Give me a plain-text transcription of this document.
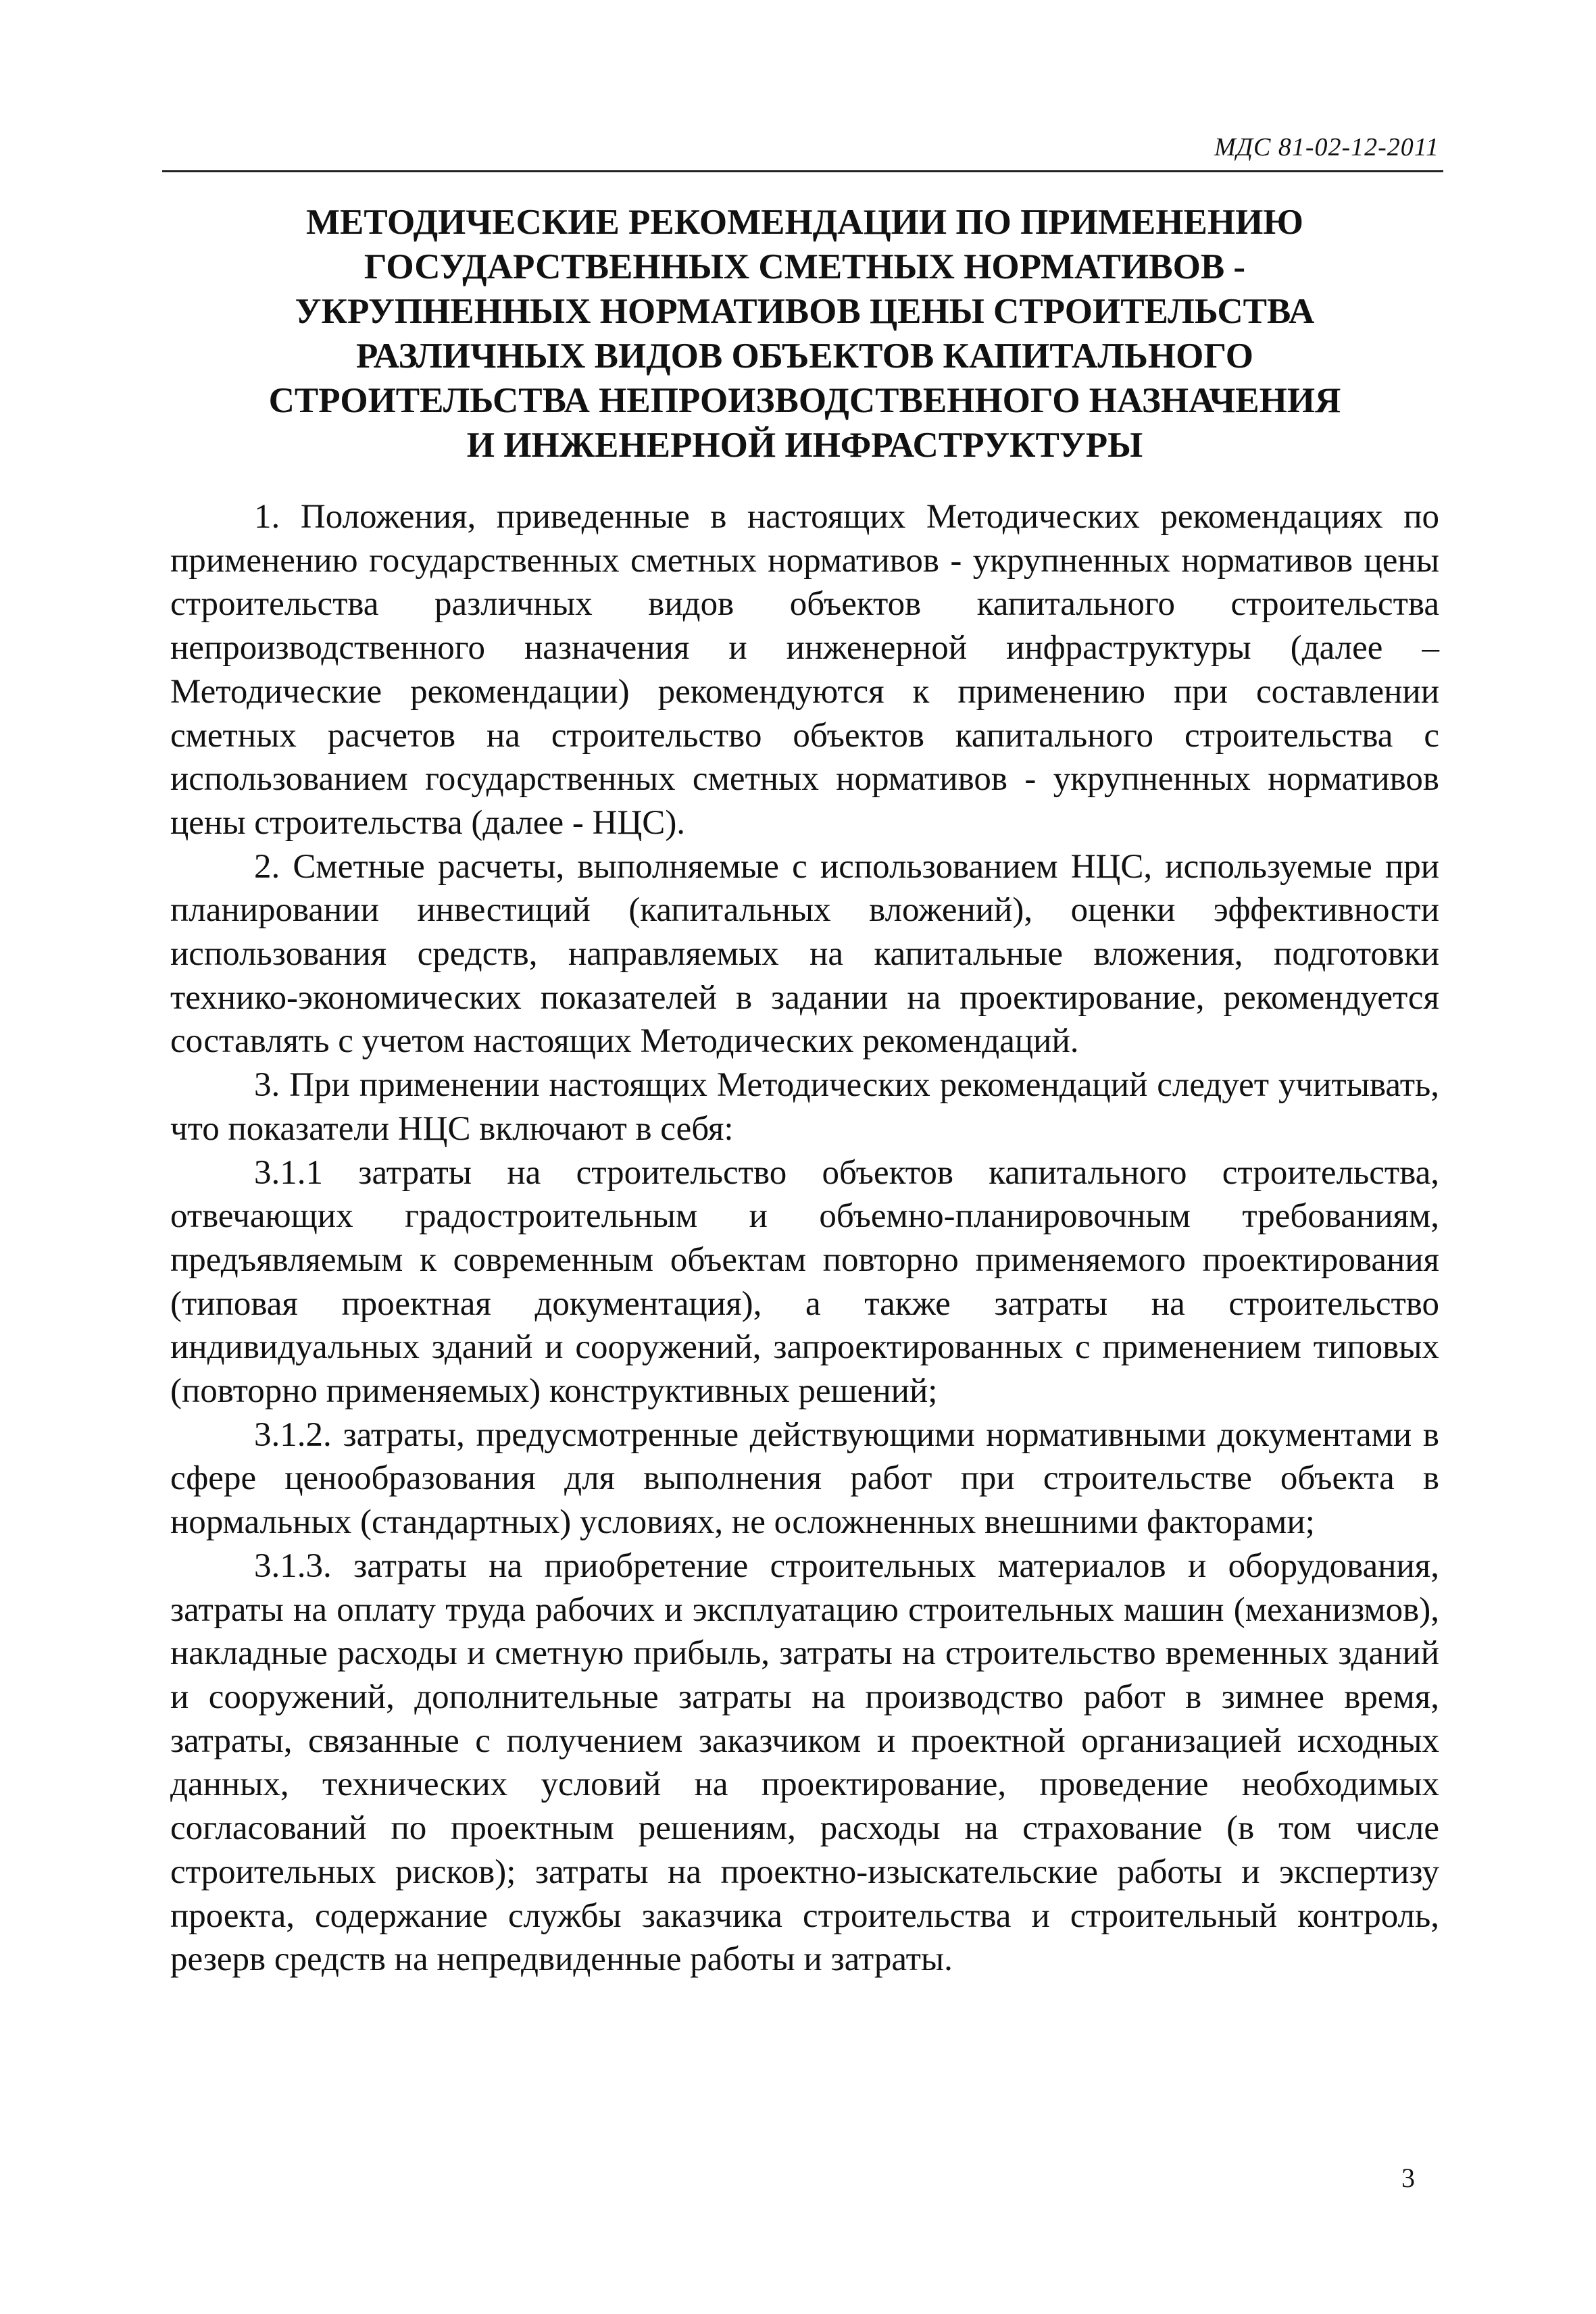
МДС 81-02-12-2011
МЕТОДИЧЕСКИЕ РЕКОМЕНДАЦИИ ПО ПРИМЕНЕНИЮ
ГОСУДАРСТВЕННЫХ СМЕТНЫХ НОРМАТИВОВ -
УКРУПНЕННЫХ НОРМАТИВОВ ЦЕНЫ СТРОИТЕЛЬСТВА
РАЗЛИЧНЫХ ВИДОВ ОБЪЕКТОВ КАПИТАЛЬНОГО
СТРОИТЕЛЬСТВА НЕПРОИЗВОДСТВЕННОГО НАЗНАЧЕНИЯ
И ИНЖЕНЕРНОЙ ИНФРАСТРУКТУРЫ

1. Положения, приведенные в настоящих Методических рекомендациях по применению государственных сметных нормативов - укрупненных нормативов цены строительства различных видов объектов капитального строительства непроизводственного назначения и инженерной инфраструктуры (далее – Методические рекомендации) рекомендуются к применению при составлении сметных расчетов на строительство объектов капитального строительства с использованием государственных сметных нормативов - укрупненных нормативов цены строительства (далее - НЦС).

2. Сметные расчеты, выполняемые с использованием НЦС, используемые при планировании инвестиций (капитальных вложений), оценки эффективности использования средств, направляемых на капитальные вложения, подготовки технико-экономических показателей в задании на проектирование, рекомендуется составлять с учетом настоящих Методических рекомендаций.

3. При применении настоящих Методических рекомендаций следует учитывать, что показатели НЦС включают в себя:

3.1.1 затраты на строительство объектов капитального строительства, отвечающих градостроительным и объемно-планировочным требованиям, предъявляемым к современным объектам повторно применяемого проектирования (типовая проектная документация), а также затраты на строительство индивидуальных зданий и сооружений, запроектированных с применением типовых (повторно применяемых) конструктивных решений;

3.1.2. затраты, предусмотренные действующими нормативными документами в сфере ценообразования для выполнения работ при строительстве объекта в нормальных (стандартных) условиях, не осложненных внешними факторами;

3.1.3. затраты на приобретение строительных материалов и оборудования, затраты на оплату труда рабочих и эксплуатацию строительных машин (механизмов), накладные расходы и сметную прибыль, затраты на строительство временных зданий и сооружений, дополнительные затраты на производство работ в зимнее время, затраты, связанные с получением заказчиком и проектной организацией исходных данных, технических условий на проектирование, проведение необходимых согласований по проектным решениям, расходы на страхование (в том числе строительных рисков); затраты на проектно-изыскательские работы и экспертизу проекта, содержание службы заказчика строительства и строительный контроль, резерв средств на непредвиденные работы и затраты.

3
